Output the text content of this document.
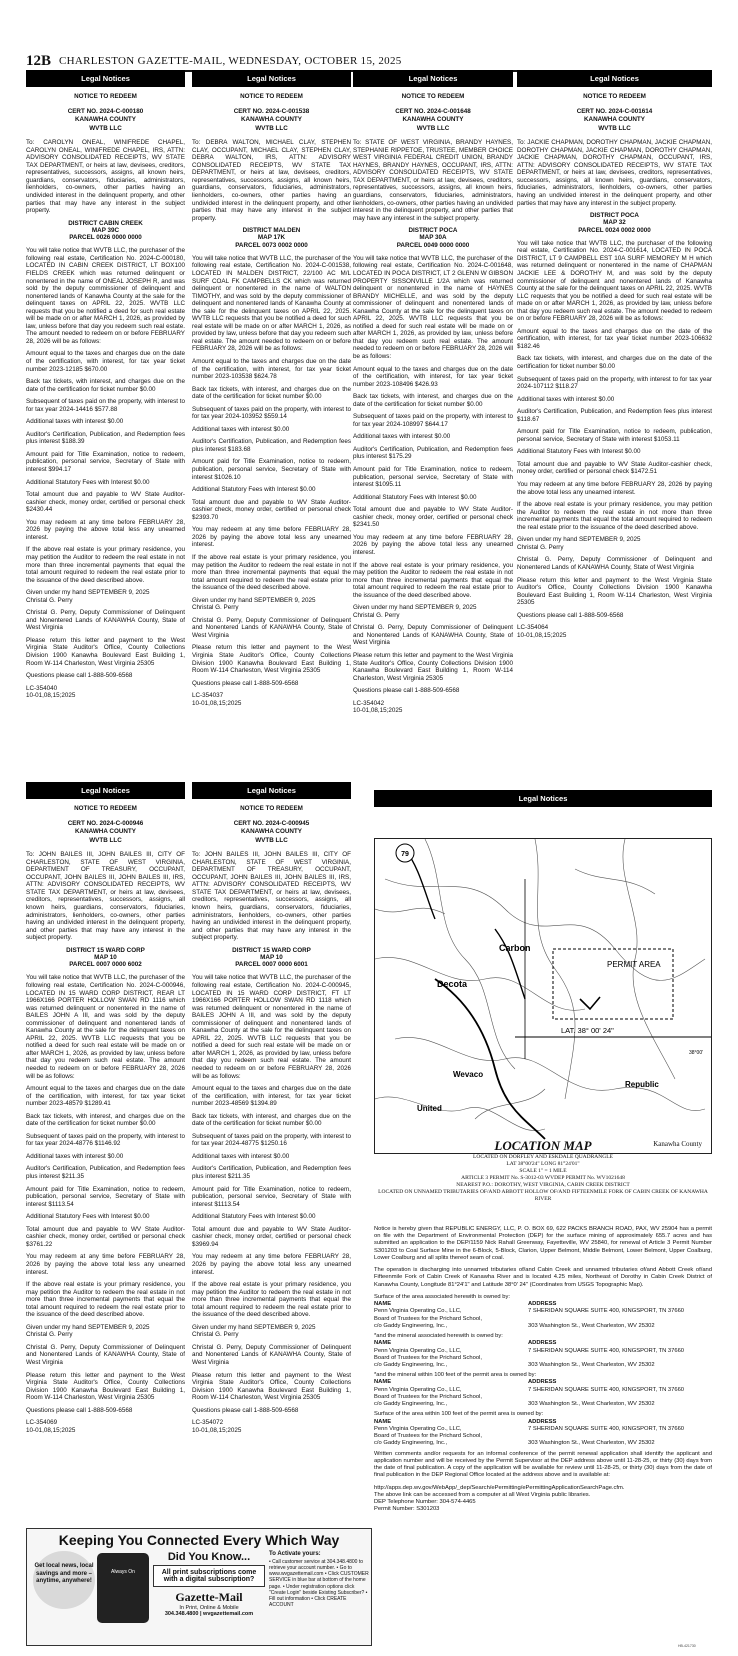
12B CHARLESTON GAZETTE-MAIL, WEDNESDAY, OCTOBER 15, 2025
Legal Notices
NOTICE TO REDEEM
CERT NO. 2024-C-000180
KANAWHA COUNTY
WVTB LLC
To: CAROLYN ONEAL, WINIFREDE CHAPEL, CAROLYN ONEAL, WINIFREDE CHAPEL, IRS, ATTN: ADVISORY CONSOLIDATED RECEIPTS, WV STATE TAX DEPARTMENT, or heirs at law, devisees, creditors, representatives, successors, assigns, all known heirs, guardians, conservators, fiduciaries, administrators, lienholders, co-owners, other parties having an undivided interest in the delinquent property, and other parties that may have any interest in the subject property.
DISTRICT CABIN CREEK
MAP 39C
PARCEL 0026 0000 0000
You will take notice that WVTB LLC, the purchaser of the following real estate, Certification No. 2024-C-000180, LOCATED IN CABIN CREEK DISTRICT, LT BOX100 FIELDS CREEK which was returned delinquent or nonentered in the name of ONEAL JOSEPH R, and was sold by the deputy commissioner of delinquent and nonentered lands of Kanawha County at the sale for the delinquent taxes on APRIL 22, 2025. WVTB LLC requests that you be notified a deed for such real estate will be made on or after MARCH 1, 2026, as provided by law, unless before that day you redeem such real estate. The amount needed to redeem on or before FEBRUARY 28, 2026 will be as follows:
Amount equal to the taxes and charges due on the date of the certification, with interest, for tax year ticket number 2023-12185 $670.00
Back tax tickets, with interest, and charges due on the date of the certification for ticket number $0.00
Subsequent of taxes paid on the property, with interest to for tax year 2024-14416 $577.88
Additional taxes with interest $0.00
Auditor's Certification, Publication, and Redemption fees plus interest $188.39
Amount paid for Title Examination, notice to redeem, publication, personal service, Secretary of State with interest $994.17
Additional Statutory Fees with Interest $0.00
Total amount due and payable to WV State Auditor-cashier check, money order, certified or personal check $2430.44
You may redeem at any time before FEBRUARY 28, 2026 by paying the above total less any unearned interest.
If the above real estate is your primary residence, you may petition the Auditor to redeem the real estate in not more than three incremental payments that equal the total amount required to redeem the real estate prior to the issuance of the deed described above.
Given under my hand SEPTEMBER 9, 2025
Christal G. Perry
Christal G. Perry, Deputy Commissioner of Delinquent and Nonentered Lands of KANAWHA County, State of West Virginia
Please return this letter and payment to the West Virginia State Auditor's Office, County Collections Division 1900 Kanawha Boulevard East Building 1, Room W-114 Charleston, West Virginia 25305
Questions please call 1-888-509-6568
LC-354040
10-01,08,15;2025
Legal Notices
NOTICE TO REDEEM
CERT NO. 2024-C-001538
KANAWHA COUNTY
WVTB LLC
To: DEBRA WALTON, MICHAEL CLAY, STEPHEN CLAY, OCCUPANT, MICHAEL CLAY, STEPHEN CLAY, DEBRA WALTON, IRS, ATTN: ADVISORY CONSOLIDATED RECEIPTS, WV STATE TAX DEPARTMENT, or heirs at law, devisees, creditors, representatives, successors, assigns, all known heirs, guardians, conservators, fiduciaries, administrators, lienholders, co-owners, other parties having an undivided interest in the delinquent property, and other parties that may have any interest in the subject property.
DISTRICT MALDEN
MAP 17K
PARCEL 0073 0002 0000
You will take notice that WVTB LLC, the purchaser of the following real estate, Certification No. 2024-C-001538, LOCATED IN MALDEN DISTRICT, 22/100 AC M/L SURF COAL FK CAMPBELLS CK which was returned delinquent or nonentered in the name of WALTON TIMOTHY, and was sold by the deputy commissioner of delinquent and nonentered lands of Kanawha County at the sale for the delinquent taxes on APRIL 22, 2025. WVTB LLC requests that you be notified a deed for such real estate will be made on or after MARCH 1, 2026, as provided by law, unless before that day you redeem such real estate. The amount needed to redeem on or before FEBRUARY 28, 2026 will be as follows:
Amount equal to the taxes and charges due on the date of the certification, with interest, for tax year ticket number 2023-103538 $624.78
Back tax tickets, with interest, and charges due on the date of the certification for ticket number $0.00
Subsequent of taxes paid on the property, with interest to for tax year 2024-103952 $559.14
Additional taxes with interest $0.00
Auditor's Certification, Publication, and Redemption fees plus interest $183.68
Amount paid for Title Examination, notice to redeem, publication, personal service, Secretary of State with interest $1026.10
Additional Statutory Fees with Interest $0.00
Total amount due and payable to WV State Auditor-cashier check, money order, certified or personal check $2393.70
You may redeem at any time before FEBRUARY 28, 2026 by paying the above total less any unearned interest.
If the above real estate is your primary residence, you may petition the Auditor to redeem the real estate in not more than three incremental payments that equal the total amount required to redeem the real estate prior to the issuance of the deed described above.
Given under my hand SEPTEMBER 9, 2025
Christal G. Perry
Christal G. Perry, Deputy Commissioner of Delinquent and Nonentered Lands of KANAWHA County, State of West Virginia
Please return this letter and payment to the West Virginia State Auditor's Office, County Collections Division 1900 Kanawha Boulevard East Building 1, Room W-114 Charleston, West Virginia 25305
Questions please call 1-888-509-6568
LC-354037
10-01,08,15;2025
Legal Notices
NOTICE TO REDEEM
CERT NO. 2024-C-001648
KANAWHA COUNTY
WVTB LLC
To: STATE OF WEST VIRGINIA, BRANDY HAYNES, STEPHANIE RIPPETOE, TRUSTEE, MEMBER CHOICE WEST VIRGINIA FEDERAL CREDIT UNION, BRANDY HAYNES, BRANDY HAYNES, OCCUPANT, IRS, ATTN: ADVISORY CONSOLIDATED RECEIPTS, WV STATE TAX DEPARTMENT, or heirs at law, devisees, creditors, representatives, successors, assigns, all known heirs, guardians, conservators, fiduciaries, administrators, lienholders, co-owners, other parties having an undivided interest in the delinquent property, and other parties that may have any interest in the subject property.
DISTRICT POCA
MAP 30A
PARCEL 0049 0000 0000
You will take notice that WVTB LLC, the purchaser of the following real estate, Certification No. 2024-C-001648, LOCATED IN POCA DISTRICT, LT 2 GLENN W GIBSON PROPERTY SISSONVILLE 1/2A which was returned delinquent or nonentered in the name of HAYNES BRANDY MICHELLE, and was sold by the deputy commissioner of delinquent and nonentered lands of Kanawha County at the sale for the delinquent taxes on APRIL 22, 2025. WVTB LLC requests that you be notified a deed for such real estate will be made on or after MARCH 1, 2026, as provided by law, unless before that day you redeem such real estate. The amount needed to redeem on or before FEBRUARY 28, 2026 will be as follows:
Amount equal to the taxes and charges due on the date of the certification, with interest, for tax year ticket number 2023-108496 $426.93
Back tax tickets, with interest, and charges due on the date of the certification for ticket number $0.00
Subsequent of taxes paid on the property, with interest to for tax year 2024-108997 $644.17
Additional taxes with interest $0.00
Auditor's Certification, Publication, and Redemption fees plus interest $175.29
Amount paid for Title Examination, notice to redeem, publication, personal service, Secretary of State with interest $1095.11
Additional Statutory Fees with Interest $0.00
Total amount due and payable to WV State Auditor-cashier check, money order, certified or personal check $2341.50
You may redeem at any time before FEBRUARY 28, 2026 by paying the above total less any unearned interest.
If the above real estate is your primary residence, you may petition the Auditor to redeem the real estate in not more than three incremental payments that equal the total amount required to redeem the real estate prior to the issuance of the deed described above.
Given under my hand SEPTEMBER 9, 2025
Christal G. Perry
Christal G. Perry, Deputy Commissioner of Delinquent and Nonentered Lands of KANAWHA County, State of West Virginia
Please return this letter and payment to the West Virginia State Auditor's Office, County Collections Division 1900 Kanawha Boulevard East Building 1, Room W-114 Charleston, West Virginia 25305
Questions please call 1-888-509-6568
LC-354042
10-01,08,15;2025
Legal Notices
NOTICE TO REDEEM
CERT NO. 2024-C-001614
KANAWHA COUNTY
WVTB LLC
To: JACKIE CHAPMAN, DOROTHY CHAPMAN, JACKIE CHAPMAN, DOROTHY CHAPMAN, JACKIE CHAPMAN, DOROTHY CHAPMAN, JACKIE CHAPMAN, DOROTHY CHAPMAN, OCCUPANT, IRS, ATTN: ADVISORY CONSOLIDATED RECEIPTS, WV STATE TAX DEPARTMENT, or heirs at law, devisees, creditors, representatives, successors, assigns, all known heirs, guardians, conservators, fiduciaries, administrators, lienholders, co-owners, other parties having an undivided interest in the delinquent property, and other parties that may have any interest in the subject property.
DISTRICT POCA
MAP 32
PARCEL 0024 0002 0000
You will take notice that WVTB LLC, the purchaser of the following real estate, Certification No. 2024-C-001614, LOCATED IN POCA DISTRICT, LT 9 CAMPBELL EST 10A SURF MEMOREY M H which was returned delinquent or nonentered in the name of CHAPMAN JACKIE LEE & DOROTHY M, and was sold by the deputy commissioner of delinquent and nonentered lands of Kanawha County at the sale for the delinquent taxes on APRIL 22, 2025. WVTB LLC requests that you be notified a deed for such real estate will be made on or after MARCH 1, 2026, as provided by law, unless before that day you redeem such real estate. The amount needed to redeem on or before FEBRUARY 28, 2026 will be as follows:
Amount equal to the taxes and charges due on the date of the certification, with interest, for tax year ticket number 2023-106632 $182.46
Back tax tickets, with interest, and charges due on the date of the certification for ticket number $0.00
Subsequent of taxes paid on the property, with interest to for tax year 2024-107112 $118.27
Additional taxes with interest $0.00
Auditor's Certification, Publication, and Redemption fees plus interest $118.67
Amount paid for Title Examination, notice to redeem, publication, personal service, Secretary of State with interest $1053.11
Additional Statutory Fees with Interest $0.00
Total amount due and payable to WV State Auditor-cashier check, money order, certified or personal check $1472.51
You may redeem at any time before FEBRUARY 28, 2026 by paying the above total less any unearned interest.
If the above real estate is your primary residence, you may petition the Auditor to redeem the real estate in not more than three incremental payments that equal the total amount required to redeem the real estate prior to the issuance of the deed described above.
Given under my hand SEPTEMBER 9, 2025
Christal G. Perry
Christal G. Perry, Deputy Commissioner of Delinquent and Nonentered Lands of KANAWHA County, State of West Virginia
Please return this letter and payment to the West Virginia State Auditor's Office, County Collections Division 1900 Kanawha Boulevard East Building 1, Room W-114 Charleston, West Virginia 25305
Questions please call 1-888-509-6568
LC-354064
10-01,08,15;2025
Legal Notices
NOTICE TO REDEEM
CERT NO. 2024-C-000946
KANAWHA COUNTY
WVTB LLC
To: JOHN BAILES III, JOHN BAILES III, CITY OF CHARLESTON, STATE OF WEST VIRGINIA, DEPARTMENT OF TREASURY, OCCUPANT, OCCUPANT, JOHN BAILES III, JOHN BAILES III, IRS, ATTN: ADVISORY CONSOLIDATED RECEIPTS, WV STATE TAX DEPARTMENT, or heirs at law, devisees, creditors, representatives, successors, assigns, all known heirs, guardians, conservators, fiduciaries, administrators, lienholders, co-owners, other parties having an undivided interest in the delinquent property, and other parties that may have any interest in the subject property.
DISTRICT 15 WARD CORP
MAP 10
PARCEL 0007 0000 6002
You will take notice that WVTB LLC, the purchaser of the following real estate, Certification No. 2024-C-000946, LOCATED IN 15 WARD CORP DISTRICT, REAR LT 1966X166 PORTER HOLLOW SWAN RD 1116 which was returned delinquent or nonentered in the name of BAILES JOHN A III, and was sold by the deputy commissioner of delinquent and nonentered lands of Kanawha County at the sale for the delinquent taxes on APRIL 22, 2025. WVTB LLC requests that you be notified a deed for such real estate will be made on or after MARCH 1, 2026, as provided by law, unless before that day you redeem such real estate. The amount needed to redeem on or before FEBRUARY 28, 2026 will be as follows:
Amount equal to the taxes and charges due on the date of the certification, with interest, for tax year ticket number 2023-48579 $1289.41
Back tax tickets, with interest, and charges due on the date of the certification for ticket number $0.00
Subsequent of taxes paid on the property, with interest to for tax year 2024-48776 $1146.92
Additional taxes with interest $0.00
Auditor's Certification, Publication, and Redemption fees plus interest $211.35
Amount paid for Title Examination, notice to redeem, publication, personal service, Secretary of State with interest $1113.54
Additional Statutory Fees with Interest $0.00
Total amount due and payable to WV State Auditor-cashier check, money order, certified or personal check $3761.22
You may redeem at any time before FEBRUARY 28, 2026 by paying the above total less any unearned interest.
If the above real estate is your primary residence, you may petition the Auditor to redeem the real estate in not more than three incremental payments that equal the total amount required to redeem the real estate prior to the issuance of the deed described above.
Given under my hand SEPTEMBER 9, 2025
Christal G. Perry
Christal G. Perry, Deputy Commissioner of Delinquent and Nonentered Lands of KANAWHA County, State of West Virginia
Please return this letter and payment to the West Virginia State Auditor's Office, County Collections Division 1900 Kanawha Boulevard East Building 1, Room W-114 Charleston, West Virginia 25305
Questions please call 1-888-509-6568
LC-354069
10-01,08,15;2025
Legal Notices
NOTICE TO REDEEM
CERT NO. 2024-C-000945
KANAWHA COUNTY
WVTB LLC
To: JOHN BAILES III, JOHN BAILES III, CITY OF CHARLESTON, STATE OF WEST VIRGINIA, DEPARTMENT OF TREASURY, OCCUPANT, OCCUPANT, JOHN BAILES III, JOHN BAILES III, IRS, ATTN: ADVISORY CONSOLIDATED RECEIPTS, WV STATE TAX DEPARTMENT, or heirs at law, devisees, creditors, representatives, successors, assigns, all known heirs, guardians, conservators, fiduciaries, administrators, lienholders, co-owners, other parties having an undivided interest in the delinquent property, and other parties that may have any interest in the subject property.
DISTRICT 15 WARD CORP
MAP 10
PARCEL 0007 0000 6001
You will take notice that WVTB LLC, the purchaser of the following real estate, Certification No. 2024-C-000945, LOCATED IN 15 WARD CORP DISTRICT, FT LT 1966X166 PORTER HOLLOW SWAN RD 1118 which was returned delinquent or nonentered in the name of BAILES JOHN A III, and was sold by the deputy commissioner of delinquent and nonentered lands of Kanawha County at the sale for the delinquent taxes on APRIL 22, 2025. WVTB LLC requests that you be notified a deed for such real estate will be made on or after MARCH 1, 2026, as provided by law, unless before that day you redeem such real estate. The amount needed to redeem on or before FEBRUARY 28, 2026 will be as follows:
Amount equal to the taxes and charges due on the date of the certification, with interest, for tax year ticket number 2023-48569 $1394.89
Back tax tickets, with interest, and charges due on the date of the certification for ticket number $0.00
Subsequent of taxes paid on the property, with interest to for tax year 2024-48775 $1250.16
Additional taxes with interest $0.00
Auditor's Certification, Publication, and Redemption fees plus interest $211.35
Amount paid for Title Examination, notice to redeem, publication, personal service, Secretary of State with interest $1113.54
Additional Statutory Fees with Interest $0.00
Total amount due and payable to WV State Auditor-cashier check, money order, certified or personal check $3969.94
You may redeem at any time before FEBRUARY 28, 2026 by paying the above total less any unearned interest.
If the above real estate is your primary residence, you may petition the Auditor to redeem the real estate in not more than three incremental payments that equal the total amount required to redeem the real estate prior to the issuance of the deed described above.
Given under my hand SEPTEMBER 9, 2025
Christal G. Perry
Christal G. Perry, Deputy Commissioner of Delinquent and Nonentered Lands of KANAWHA County, State of West Virginia
Please return this letter and payment to the West Virginia State Auditor's Office, County Collections Division 1900 Kanawha Boulevard East Building 1, Room W-114 Charleston, West Virginia 25305
Questions please call 1-888-509-6568
LC-354072
10-01,08,15;2025
Legal Notices
79
Decota
Carbon
Wevaco
United
Republic
PERMIT AREA
LAT. 38° 00' 24"
38°00'
LOCATION MAP	Kanawha County
LOCATED ON DORFLEY AND ESKDALE QUADRANGLE
LAT 38°00'24" LONG 81°24'01"
SCALE 1" = 1 MILE
ARTICLE 3 PERMIT No. S-3012-03 WVDEP PERMIT No. WV1021648
NEAREST P.O.: DOROTHY, WEST VIRGINIA, CABIN CREEK DISTRICT
LOCATED ON UNNAMED TRIBUTARIES OF/AND ABBOTT HOLLOW OF/AND FIFTEENMILE FORK OF CABIN CREEK OF KANAWHA RIVER
Notice is hereby given that REPUBLIC ENERGY, LLC, P. O. BOX 69, 622 PACKS BRANCH ROAD, PAX, WV 25904 has a permit on file with the Department of Environmental Protection (DEP) for the surface mining of approximately 655.7 acres and has submitted an application to the DEP/1159 Nick Rahall Greenway, Fayetteville, WV 25840, for renewal of Article 3 Permit Number S301203 to Coal Surface Mine in the 6-Block, 5-Block, Clarion, Upper Belmont, Middle Belmont, Lower Belmont, Upper Coalburg, Lower Coalburg and all splits thereof seam of coal.
The operation is discharging into unnamed tributaries of/and Cabin Creek and unnamed tributaries of/and Abbott Creek of/and Fifteenmile Fork of Cabin Creek of Kanawha River and is located 4.25 miles, Northeast of Dorothy in Cabin Creek District of Kanawha County, Longitude 81°24'1" and Latitude 38°0' 24" (Coordinates from USGS Topographic Map).
Surface of the area associated herewith is owned by:
NAME	ADDRESS
Penn Virginia Operating Co., LLC,	7 SHERIDAN SQUARE SUITE 400, KINGSPORT, TN 37660
Board of Trustees for the Prichard School,
c/o Gaddy Engineering, Inc.,	303 Washington St., West Charleston, WV 25302
*and the mineral associated herewith is owned by:
NAME	ADDRESS
Penn Virginia Operating Co., LLC,	7 SHERIDAN SQUARE SUITE 400, KINGSPORT, TN 37660
Board of Trustees for the Prichard School,
c/o Gaddy Engineering, Inc.,	303 Washington St., West Charleston, WV 25302
*and the mineral within 100 feet of the permit area is owned by:
NAME	ADDRESS
Penn Virginia Operating Co., LLC,	7 SHERIDAN SQUARE SUITE 400, KINGSPORT, TN 37660
Board of Trustees for the Prichard School,
c/o Gaddy Engineering, Inc.,	303 Washington St., West Charleston, WV 25302
Surface of the area within 100 feet of the permit area is owned by:
NAME	ADDRESS
Penn Virginia Operating Co., LLC,	7 SHERIDAN SQUARE SUITE 400, KINGSPORT, TN 37660
Board of Trustees for the Prichard School,
c/o Gaddy Engineering, Inc.,	303 Washington St., West Charleston, WV 25302
Written comments and/or requests for an informal conference of the permit renewal application shall identify the applicant and application number and will be received by the Permit Supervisor at the DEP address above until 11-28-25, or thirty (30) days from the date of final publication. A copy of the application will be available for review until 11-28-25, or thirty (30) days from the date of final publication in the DEP Regional Office located at the address above and is available at:
http://apps.dep.wv.gov/WebApp/_dep/Search/ePermitting/ePermittingApplicationSearchPage.cfm.
The above link can be accessed from a computer at all West Virginia public libraries.
DEP Telephone Number: 304-574-4465
Permit Number: S301203
HB-421730
Keeping You Connected Every Which Way
Get local news, local savings and more – anytime, anywhere!
Always On
Did You Know...
All print subscriptions come with a digital subscription?
Gazette-Mail
In Print, Online & Mobile
304.348.4800 | wvgazettemail.com
To Activate yours:
• Call customer service at 304.348.4800 to retrieve your account number. • Go to www.wvgazettemail.com • Click CUSTOMER SERVICE in blue bar at bottom of the home page. • Under registration options click "Create Login" beside Existing Subscriber? • Fill out information • Click CREATE ACCOUNT
